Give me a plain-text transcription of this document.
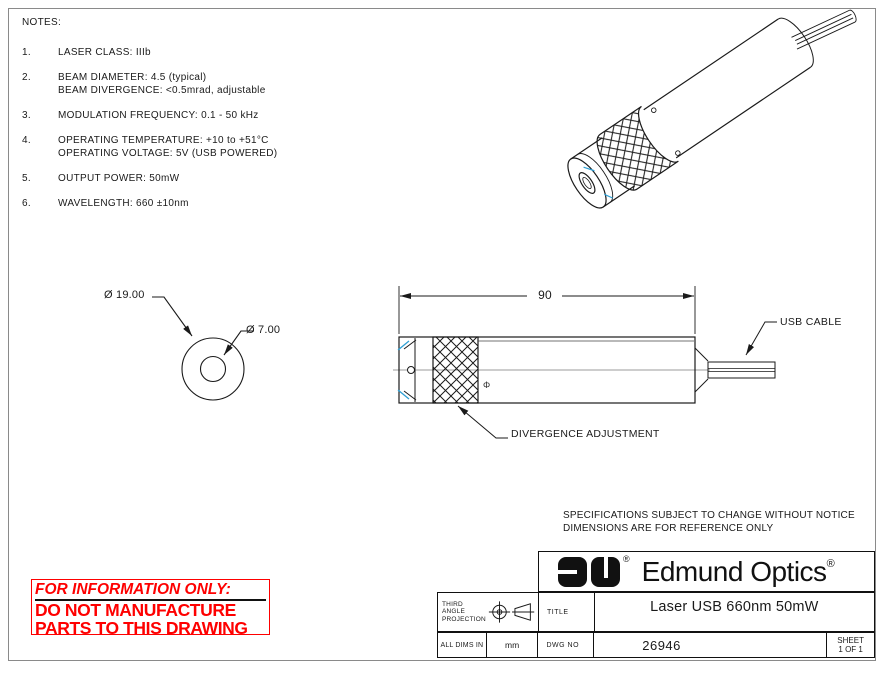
NOTES:
1.	LASER CLASS: IIIb
2.	BEAM DIAMETER: 4.5 (typical)
BEAM DIVERGENCE: <0.5mrad, adjustable
3.	MODULATION FREQUENCY: 0.1 - 50 kHz
4.	OPERATING TEMPERATURE: +10 to +51°C
OPERATING VOLTAGE: 5V (USB POWERED)
5.	OUTPUT POWER: 50mW
6.	WAVELENGTH: 660 ±10nm
Ø 19.00
Ø 7.00
90
USB CABLE
DIVERGENCE ADJUSTMENT
Φ
SPECIFICATIONS SUBJECT TO CHANGE WITHOUT NOTICE
DIMENSIONS ARE FOR REFERENCE ONLY
FOR INFORMATION ONLY:
DO NOT MANUFACTURE
PARTS TO THIS DRAWING
® Edmund Optics®
THIRD ANGLE
PROJECTION
TITLE	Laser USB 660nm 50mW
ALL DIMS IN	mm	DWG NO	26946	SHEET
1 OF 1
